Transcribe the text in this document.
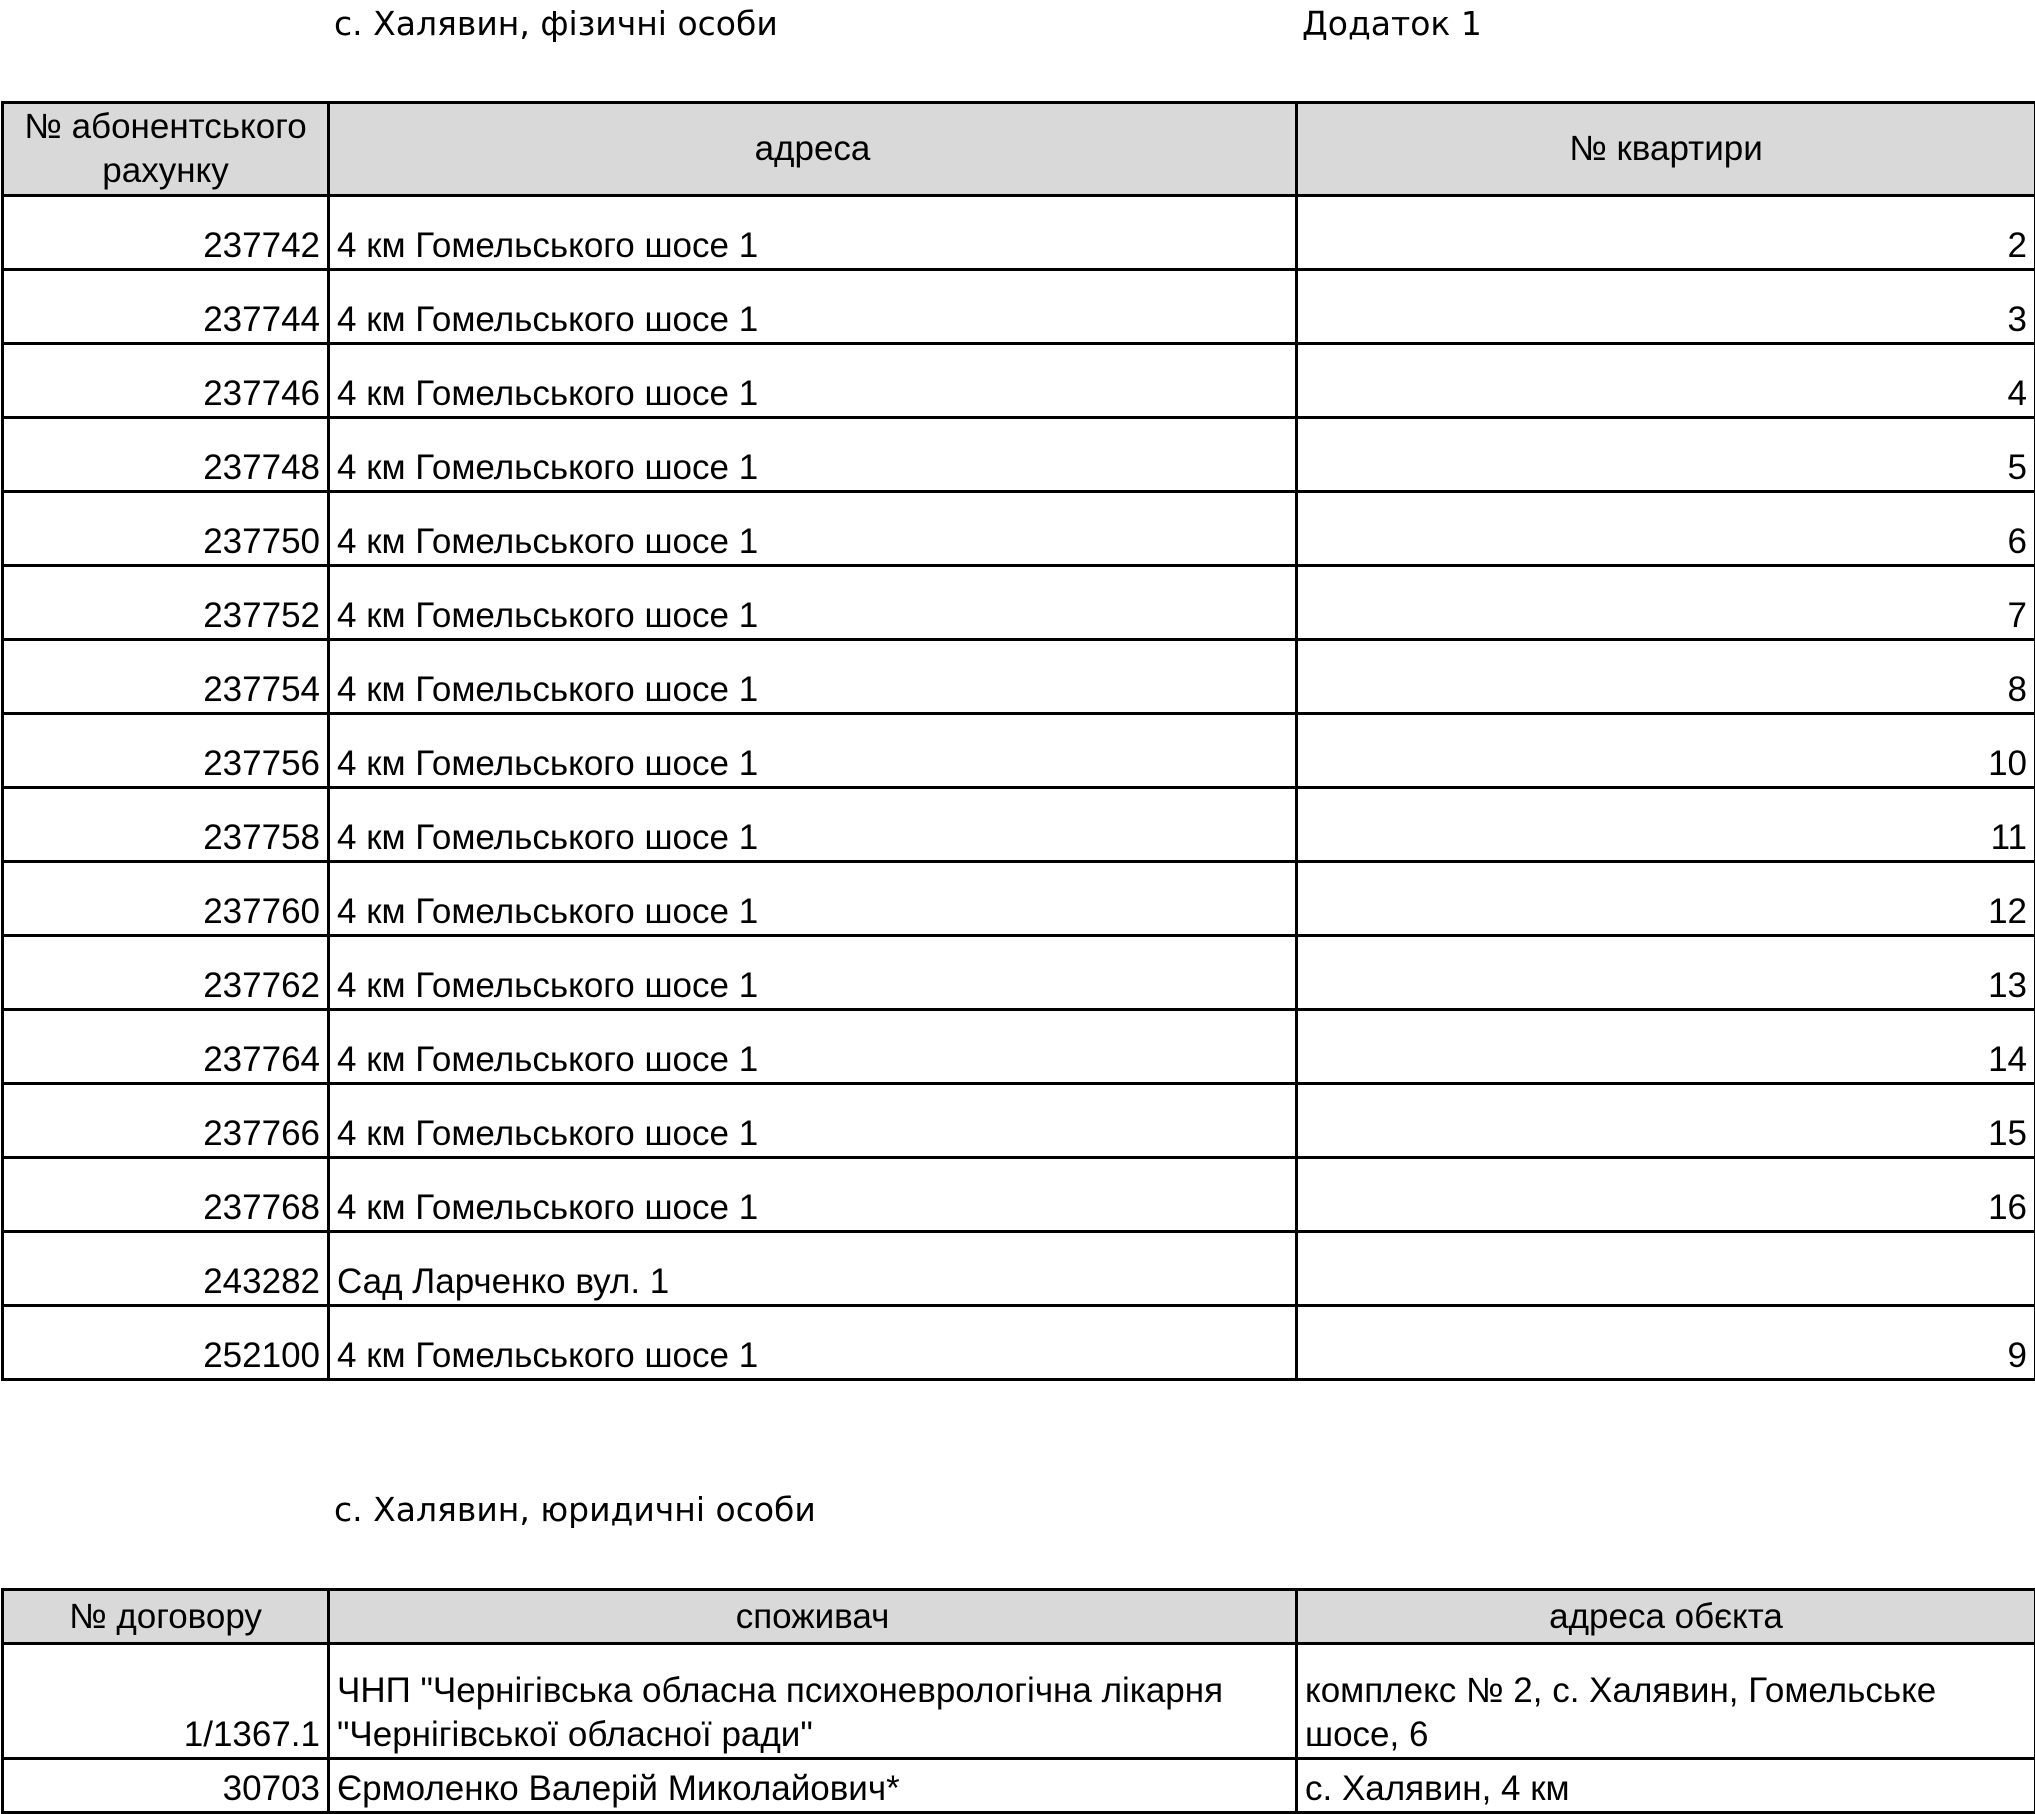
с. Халявин, фізичні особи	Додаток 1
№ абонентського рахунку	адреса	№ квартири
237742	4 км Гомельського шосе 1	2
237744	4 км Гомельського шосе 1	3
237746	4 км Гомельського шосе 1	4
237748	4 км Гомельського шосе 1	5
237750	4 км Гомельського шосе 1	6
237752	4 км Гомельського шосе 1	7
237754	4 км Гомельського шосе 1	8
237756	4 км Гомельського шосе 1	10
237758	4 км Гомельського шосе 1	11
237760	4 км Гомельського шосе 1	12
237762	4 км Гомельського шосе 1	13
237764	4 км Гомельського шосе 1	14
237766	4 км Гомельського шосе 1	15
237768	4 км Гомельського шосе 1	16
243282	Сад Ларченко вул. 1	
252100	4 км Гомельського шосе 1	9
с. Халявин, юридичні особи
№ договору	споживач	адреса обєкта
1/1367.1	ЧНП "Чернігівська обласна психоневрологічна лікарня "Чернігівської обласної ради"	комплекс № 2, с. Халявин, Гомельське шосе, 6
30703	Єрмоленко Валерій Миколайович*	с. Халявин, 4 км
